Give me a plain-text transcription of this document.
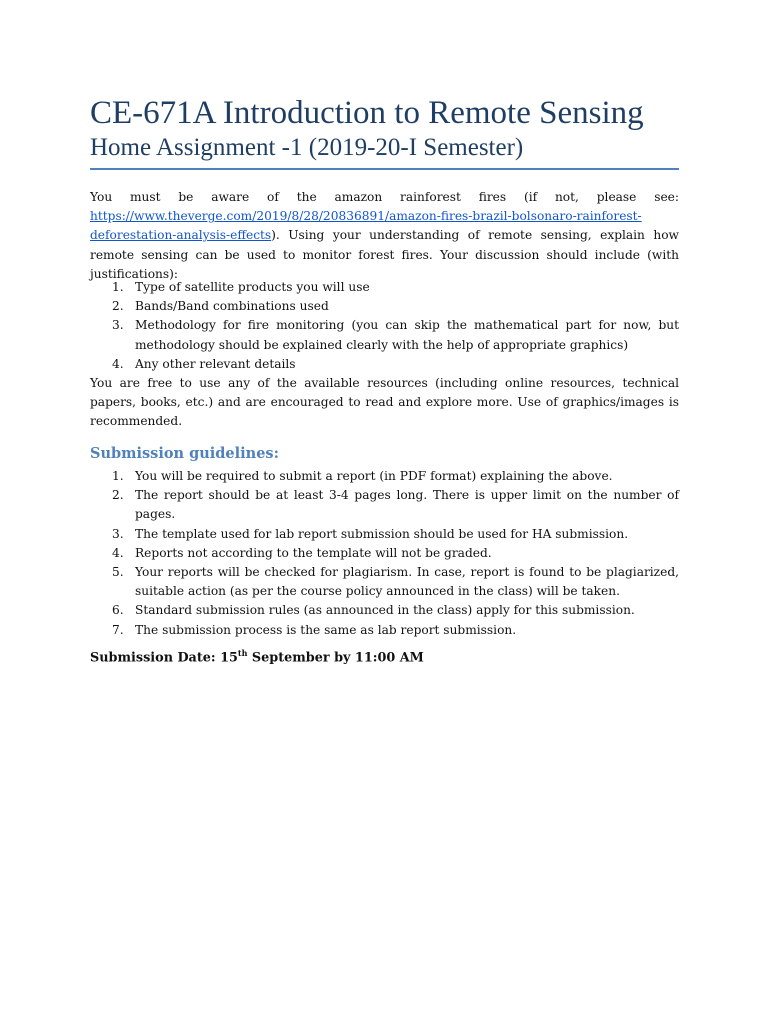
CE-671A Introduction to Remote Sensing
Home Assignment -1 (2019-20-I Semester)

You must be aware of the amazon rainforest fires (if not, please see: https://www.theverge.com/2019/8/28/20836891/amazon-fires-brazil-bolsonaro-rainforest-deforestation-analysis-effects). Using your understanding of remote sensing, explain how remote sensing can be used to monitor forest fires. Your discussion should include (with justifications):

1. Type of satellite products you will use
2. Bands/Band combinations used
3. Methodology for fire monitoring (you can skip the mathematical part for now, but methodology should be explained clearly with the help of appropriate graphics)
4. Any other relevant details

You are free to use any of the available resources (including online resources, technical papers, books, etc.) and are encouraged to read and explore more. Use of graphics/images is recommended.

Submission guidelines:
1. You will be required to submit a report (in PDF format) explaining the above.
2. The report should be at least 3-4 pages long. There is upper limit on the number of pages.
3. The template used for lab report submission should be used for HA submission.
4. Reports not according to the template will not be graded.
5. Your reports will be checked for plagiarism. In case, report is found to be plagiarized, suitable action (as per the course policy announced in the class) will be taken.
6. Standard submission rules (as announced in the class) apply for this submission.
7. The submission process is the same as lab report submission.

Submission Date: 15th September by 11:00 AM
